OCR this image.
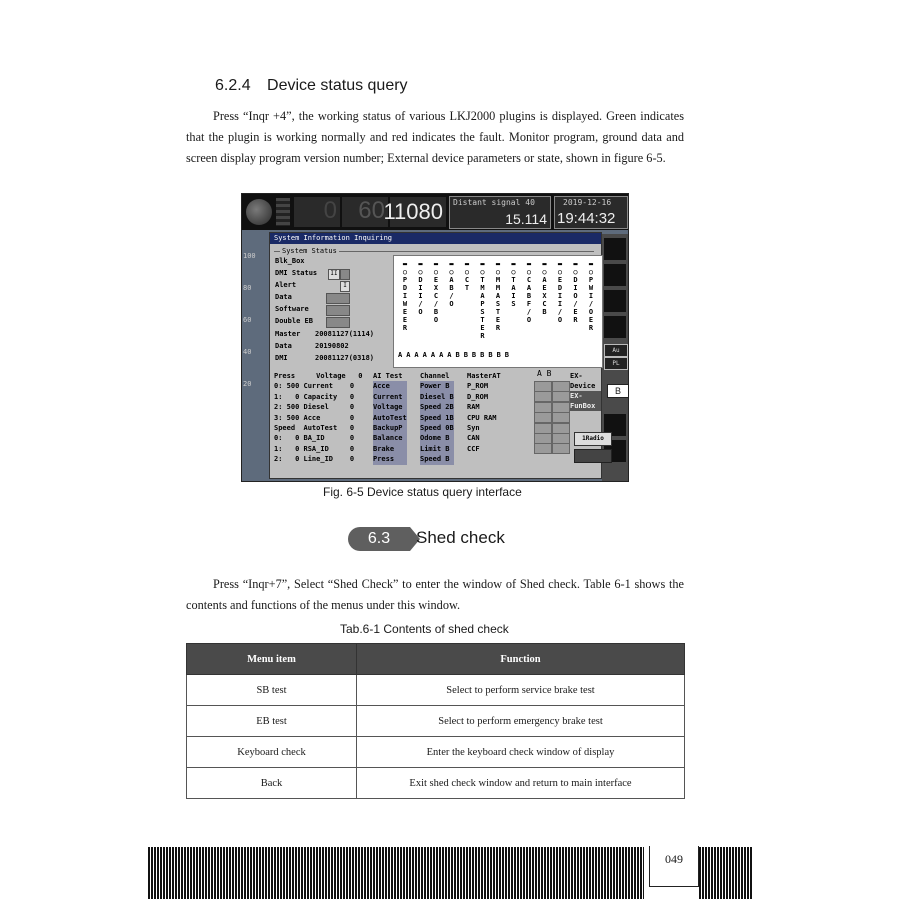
6.2.4 Device status query
Press “Inqr +4”, the working status of various LKJ2000 plugins is displayed. Green indicates that the plugin is working normally and red indicates the fault. Monitor program, ground data and screen display program version number; External device parameters or state, shown in figure 6-5.
0 60
11080 Distant signal 40
15.114
2019-12-16
19:44:32
100
80
60
40
20
Au
PL
System Information Inquiring
System Status
Blk_Box
DMI Status
Alert
Data
Software
Double EB
Master
Data
DMI
II
I
20081127(1114)
20190802
20081127(0318)
▬
○
P
D
I
W
E
E
R
▬
○
D
I
I
/
O
▬
○
E
X
C
/
B
O
▬
○
A
B
/
O
▬
○
C
T
▬
○
T
M
A
P
S
T
E
R
▬
○
M
M
A
S
T
E
R
▬
○
T
A
I
S
▬
○
C
A
B
F
/
O
▬
○
A
E
X
C
B
▬
○
E
D
I
I
/
O
▬
○
D
I
O
/
E
R
▬
○
P
W
I
/
O
E
R
AAAAAAABBBBBBB
Press     Voltage   0
0: 500 Current    0
1:   0 Capacity   0
2: 500 Diesel     0
3: 500 Acce       0
Speed  AutoTest   0
0:   0 BA_ID      0
1:   0 RSA_ID     0
2:   0 Line_ID    0
AI Test
Acce
Current
Voltage
AutoTest
BackupP
Balance
Brake
Press
Channel
Power B
Diesel B
Speed 2B
Speed 1B
Speed 0B
Odome B
Limit B
Speed B
MasterAT
P_ROM
D_ROM
RAM
CPU RAM
Syn
CAN
CCF
A B	EX-Device
EX-FunBox
1Radio
B
Fig. 6-5 Device status query interface
6.3	Shed check
Press “Inqr+7”, Select “Shed Check” to enter the window of Shed check. Table 6-1 shows the contents and functions of the menus under this window.
Tab.6-1 Contents of shed check
Menu item	Function
SB test	Select to perform service brake test
EB test	Select to perform emergency brake test
Keyboard check	Enter the keyboard check window of display
Back	Exit shed check window and return to main interface
049
